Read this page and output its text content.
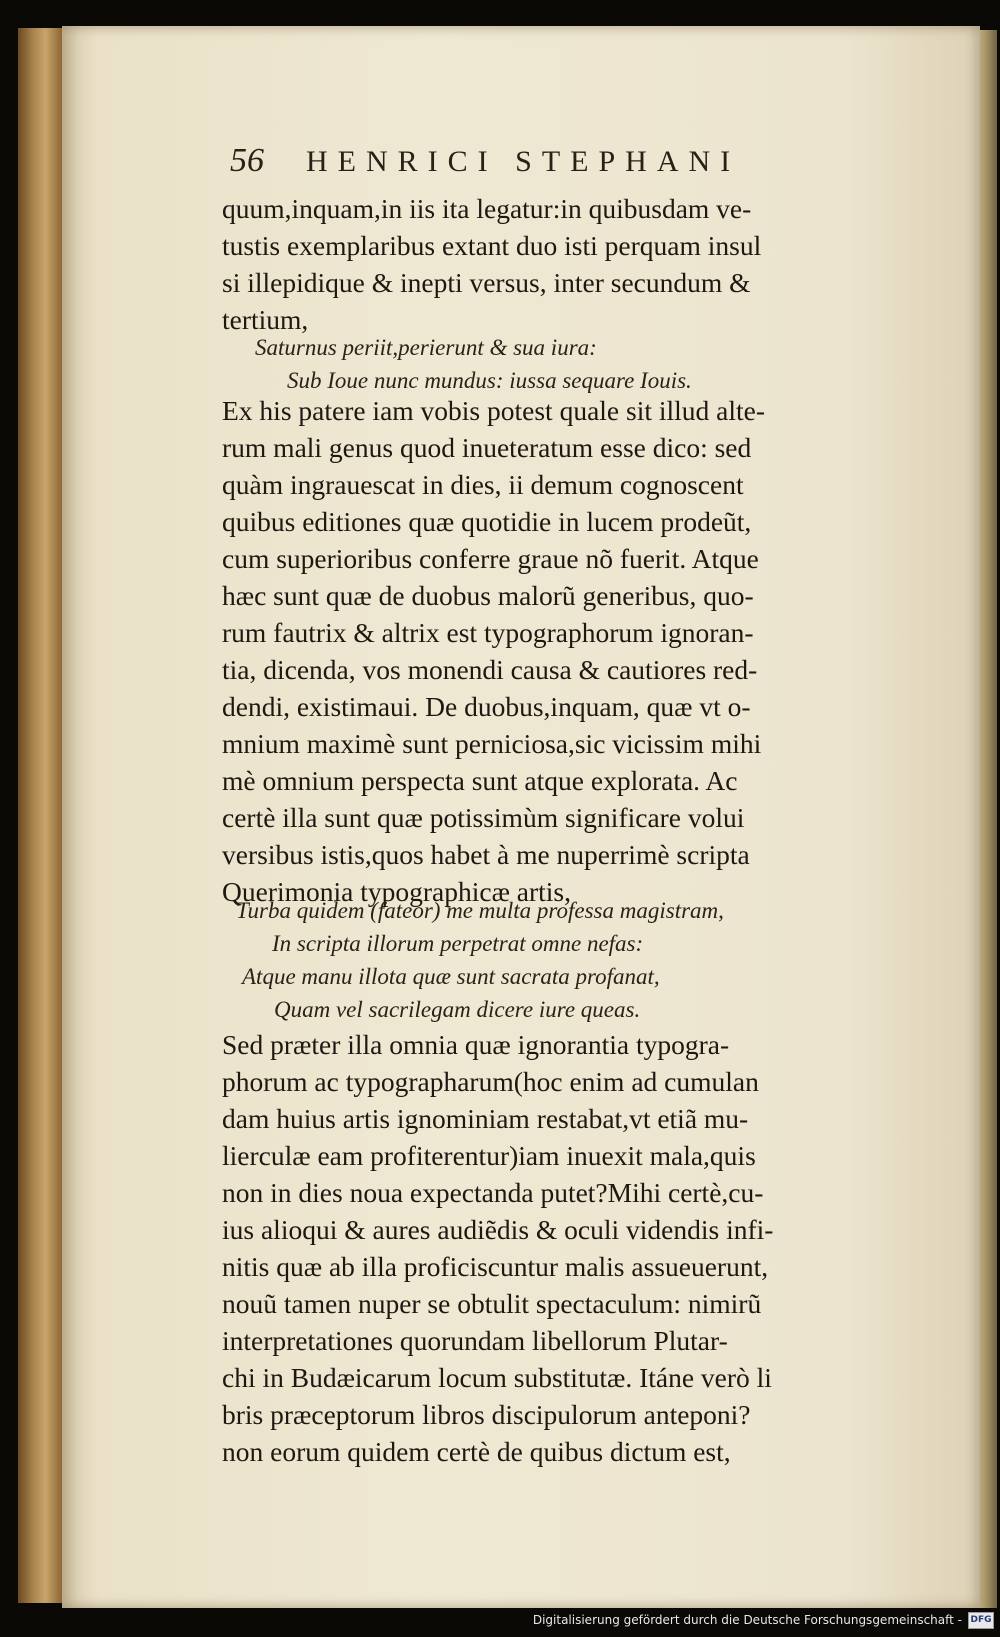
56 HENRICI STEPHANI
quum,inquam,in iis ita legatur:in quibusdam ve-
tustis exemplaribus extant duo isti perquam insul
si illepidique & inepti versus, inter secundum &
tertium,
Saturnus periit,perierunt & sua iura:
Sub Ioue nunc mundus: iussa sequare Iouis.
Ex his patere iam vobis potest quale sit illud alte-
rum mali genus quod inueteratum esse dico: sed
quàm ingrauescat in dies, ii demum cognoscent
quibus editiones quæ quotidie in lucem prodeũt,
cum superioribus conferre graue nõ fuerit. Atque
hæc sunt quæ de duobus malorũ generibus, quo-
rum fautrix & altrix est typographorum ignoran-
tia, dicenda, vos monendi causa & cautiores red-
dendi, existimaui. De duobus,inquam, quæ vt o-
mnium maximè sunt perniciosa,sic vicissim mihi
mè omnium perspecta sunt atque explorata. Ac
certè illa sunt quæ potissimùm significare volui
versibus istis,quos habet à me nuperrimè scripta
Querimonia typographicæ artis,
Turba quidem (fateor) me multa professa magistram,
In scripta illorum perpetrat omne nefas:
Atque manu illota quæ sunt sacrata profanat,
Quam vel sacrilegam dicere iure queas.
Sed præter illa omnia quæ ignorantia typogra-
phorum ac typographarum(hoc enim ad cumulan
dam huius artis ignominiam restabat,vt etiã mu-
lierculæ eam profiterentur)iam inuexit mala,quis
non in dies noua expectanda putet?Mihi certè,cu-
ius alioqui & aures audiẽdis & oculi videndis infi-
nitis quæ ab illa proficiscuntur malis assueuerunt,
nouũ tamen nuper se obtulit spectaculum: nimirũ
interpretationes quorundam libellorum Plutar-
chi in Budæicarum locum substitutæ. Itáne verò li
bris præceptorum libros discipulorum anteponi?
non eorum quidem certè de quibus dictum est,
Digitalisierung gefördert durch die Deutsche Forschungsgemeinschaft - DFG
